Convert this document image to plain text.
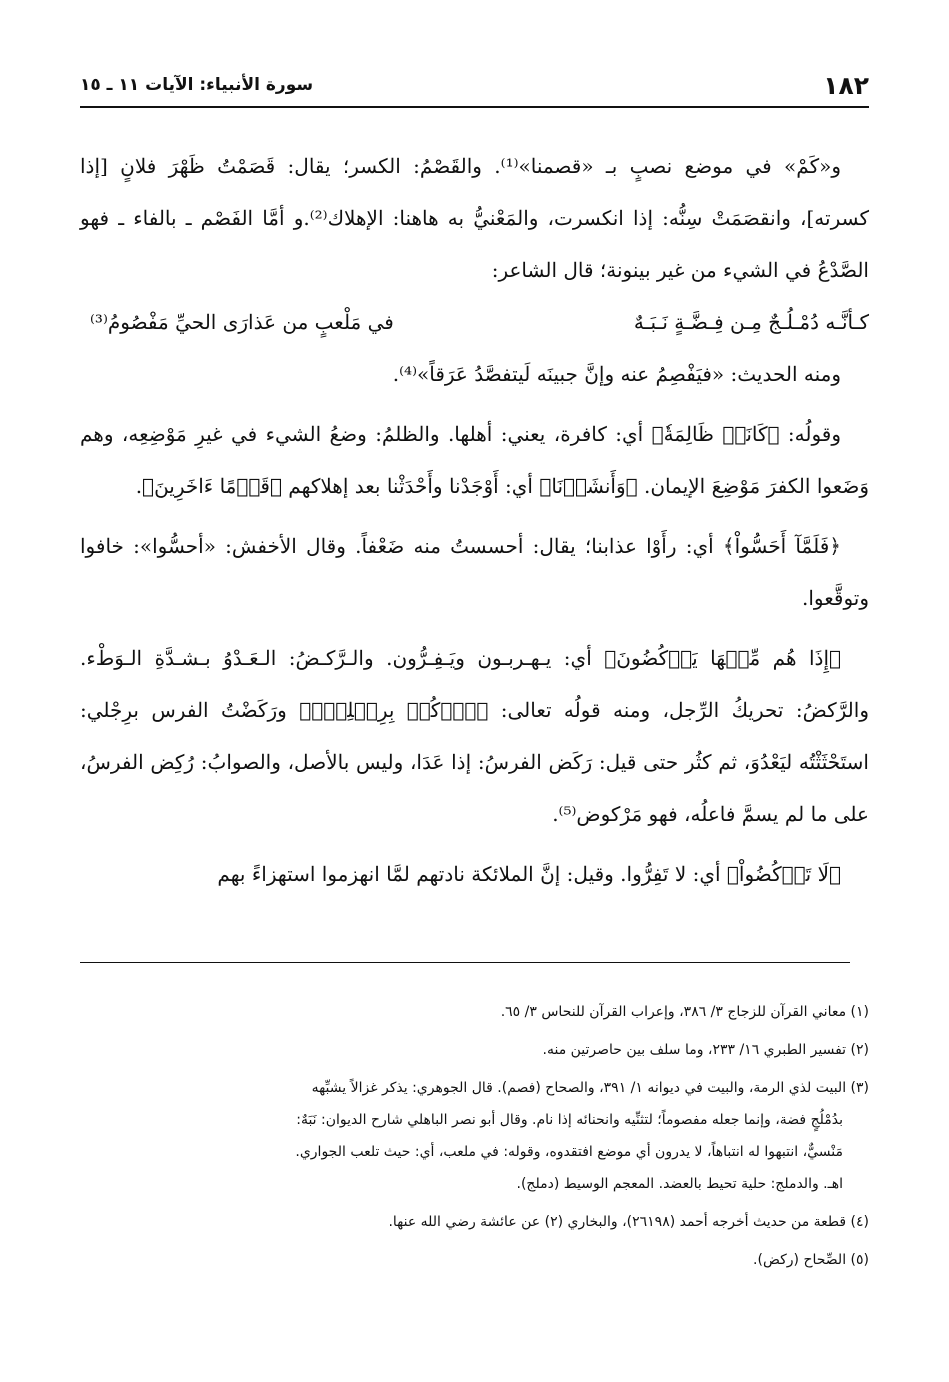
١٨٢
سورة الأنبياء: الآيات ١١ ـ ١٥

و«كَمْ» في موضع نصبٍ بـ «قصمنا»⁽¹⁾. والقَصْمُ: الكسر؛ يقال: قَصَمْتُ ظَهْرَ فلانٍ [إذا كسرته]، وانقصَمَتْ سِنُّه: إذا انكسرت، والمَعْنيُّ به هاهنا: الإهلاك⁽²⁾.و أمَّا الفَصْم ـ بالفاء ـ فهو الصَّدْعُ في الشيء من غير بينونة؛ قال الشاعر:

كـأنَّـه دُمْـلُـجٌ مِـن فِـضَّـةٍ نَـبَـهٌ
في مَلْعبٍ من عَذارَى الحيِّ مَفْصُومُ⁽³⁾

ومنه الحديث: «فيَفْصِمُ عنه وإنَّ جبينَه لَيتفصَّدُ عَرَقاً»⁽⁴⁾.

وقولُه: ﴿كَانَتۡ ظَالِمَةٗ﴾ أي: كافرة، يعني: أهلها. والظلمُ: وضعُ الشيء في غيرِ مَوْضِعِه، وهم وَضَعوا الكفرَ مَوْضِعَ الإيمان. ﴿وَأَنشَأۡنَا﴾ أي: أَوْجَدْنا وأَحْدَثْنا بعد إهلاكهم ﴿قَوۡمًا ءَاخَرِينَ﴾.

﴿فَلَمَّآ أَحَسُّواْ﴾ أي: رأَوْا عذابنا؛ يقال: أحسستُ منه ضَعْفاً. وقال الأخفش: «أحسُّوا»: خافوا وتوقَّعوا.

﴿إِذَا هُم مِّنۡهَا يَرۡكُضُونَ﴾ أي: يـهـربـون ويَـفِـرُّون. والـرَّكـضُ: الـعَـدْوُ بـشـدَّةِ الـوَطْء. والرَّكضُ: تحريكُ الرِّجل، ومنه قولُه تعالى: ﴿ٱرۡكُضۡ بِرِجۡلِكَۖ﴾ ورَكَضْتُ الفرس برِجْلي: استَحْثَثْتُه ليَعْدُوَ، ثم كثُر حتى قيل: رَكَض الفرسُ: إذا عَدَا، وليس بالأصل، والصوابُ: رُكِض الفرسُ، على ما لم يسمَّ فاعلُه، فهو مَرْكوض⁽⁵⁾.

﴿لَا تَرۡكُضُواْ﴾ أي: لا تَفِرُّوا. وقيل: إنَّ الملائكة نادتهم لمَّا انهزموا استهزاءً بهم

(١) معاني القرآن للزجاج ٣/ ٣٨٦، وإعراب القرآن للنحاس ٣/ ٦٥.

(٢) تفسير الطبري ١٦/ ٢٣٣، وما سلف بين حاصرتين منه.

(٣) البيت لذي الرمة، والبيت في ديوانه ١/ ٣٩١، والصحاح (فصم). قال الجوهري: يذكر غزالاً يشبِّهه

بدُمْلُجٍ فضة، وإنما جعله مفصوماً؛ لتثنِّيه وانحنائه إذا نام. وقال أبو نصر الباهلي شارح الديوان: نَبَهٌ:

مَنْسيٌّ، انتبهوا له انتباهاً، لا يدرون أي موضع افتقدوه، وقوله: في ملعب، أي: حيث تلعب الجواري.

اهـ. والدملج: حلية تحيط بالعضد. المعجم الوسيط (دملج).

(٤) قطعة من حديث أخرجه أحمد (٢٦١٩٨)، والبخاري (٢) عن عائشة رضي الله عنها.

(٥) الصِّحاح (ركض).
